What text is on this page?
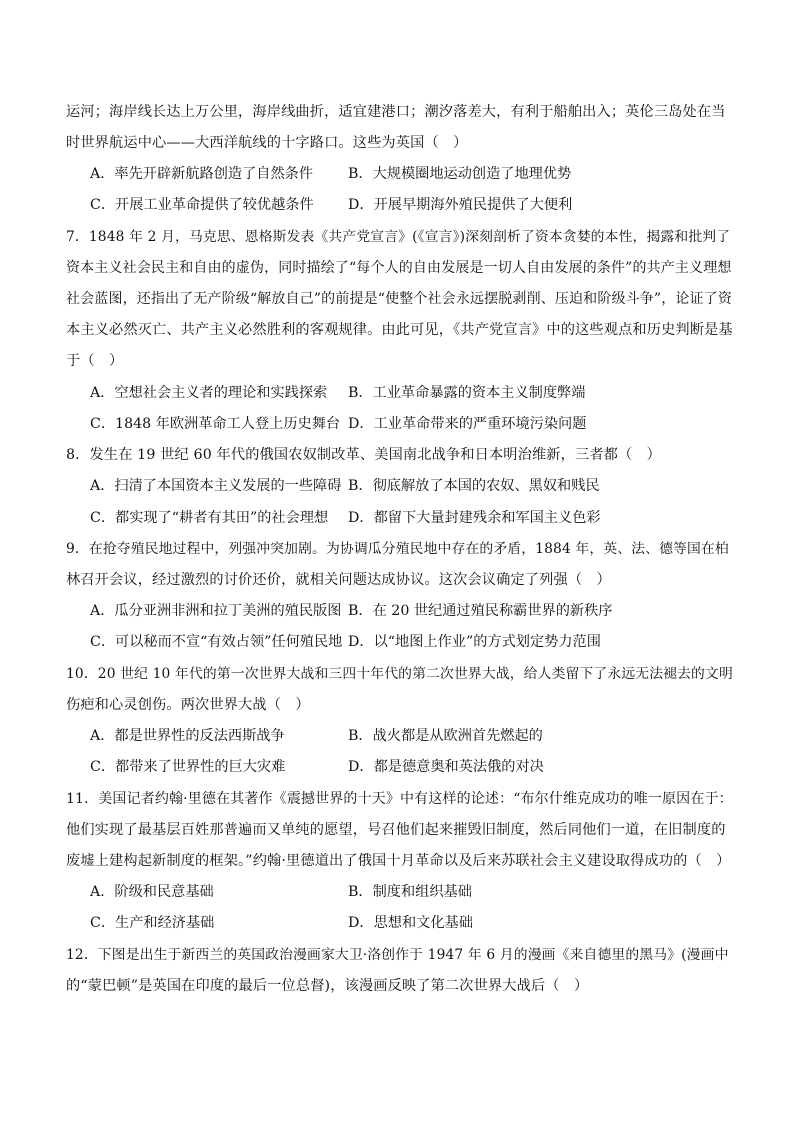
运河；海岸线长达上万公里，海岸线曲折，适宜建港口；潮汐落差大，有利于船舶出入；英伦三岛处在当
时世界航运中心——大西洋航线的十字路口。这些为英国（　）
A．率先开辟新航路创造了自然条件 B．大规模圈地运动创造了地理优势
C．开展工业革命提供了较优越条件 D．开展早期海外殖民提供了大便利
7．1848 年 2 月，马克思、恩格斯发表《共产党宣言》(《宣言》)深刻剖析了资本贪婪的本性，揭露和批判了
资本主义社会民主和自由的虚伪，同时描绘了“每个人的自由发展是一切人自由发展的条件”的共产主义理想
社会蓝图，还指出了无产阶级“解放自己”的前提是“使整个社会永远摆脱剥削、压迫和阶级斗争”，论证了资
本主义必然灭亡、共产主义必然胜利的客观规律。由此可见，《共产党宣言》中的这些观点和历史判断是基
于（　）
A．空想社会主义者的理论和实践探索 B．工业革命暴露的资本主义制度弊端
C．1848 年欧洲革命工人登上历史舞台 D．工业革命带来的严重环境污染问题
8．发生在 19 世纪 60 年代的俄国农奴制改革、美国南北战争和日本明治维新，三者都（　）
A．扫清了本国资本主义发展的一些障碍 B．彻底解放了本国的农奴、黑奴和贱民
C．都实现了“耕者有其田”的社会理想 D．都留下大量封建残余和军国主义色彩
9．在抢夺殖民地过程中，列强冲突加剧。为协调瓜分殖民地中存在的矛盾，1884 年，英、法、德等国在柏
林召开会议，经过激烈的讨价还价，就相关问题达成协议。这次会议确定了列强（　）
A．瓜分亚洲非洲和拉丁美洲的殖民版图 B．在 20 世纪通过殖民称霸世界的新秩序
C．可以秘而不宣“有效占领”任何殖民地 D．以“地图上作业”的方式划定势力范围
10．20 世纪 10 年代的第一次世界大战和三四十年代的第二次世界大战，给人类留下了永远无法褪去的文明
伤疤和心灵创伤。两次世界大战（　）
A．都是世界性的反法西斯战争	B．战火都是从欧洲首先燃起的
C．都带来了世界性的巨大灾难	D．都是德意奥和英法俄的对决
11．美国记者约翰·里德在其著作《震撼世界的十天》中有这样的论述：“布尔什维克成功的唯一原因在于：
他们实现了最基层百姓那普遍而又单纯的愿望，号召他们起来摧毁旧制度，然后同他们一道，在旧制度的
废墟上建构起新制度的框架。”约翰·里德道出了俄国十月革命以及后来苏联社会主义建设取得成功的（　）
A．阶级和民意基础	B．制度和组织基础
C．生产和经济基础	D．思想和文化基础
12．下图是出生于新西兰的英国政治漫画家大卫·洛创作于 1947 年 6 月的漫画《来自德里的黑马》(漫画中
的“蒙巴顿”是英国在印度的最后一位总督)，该漫画反映了第二次世界大战后（　）
